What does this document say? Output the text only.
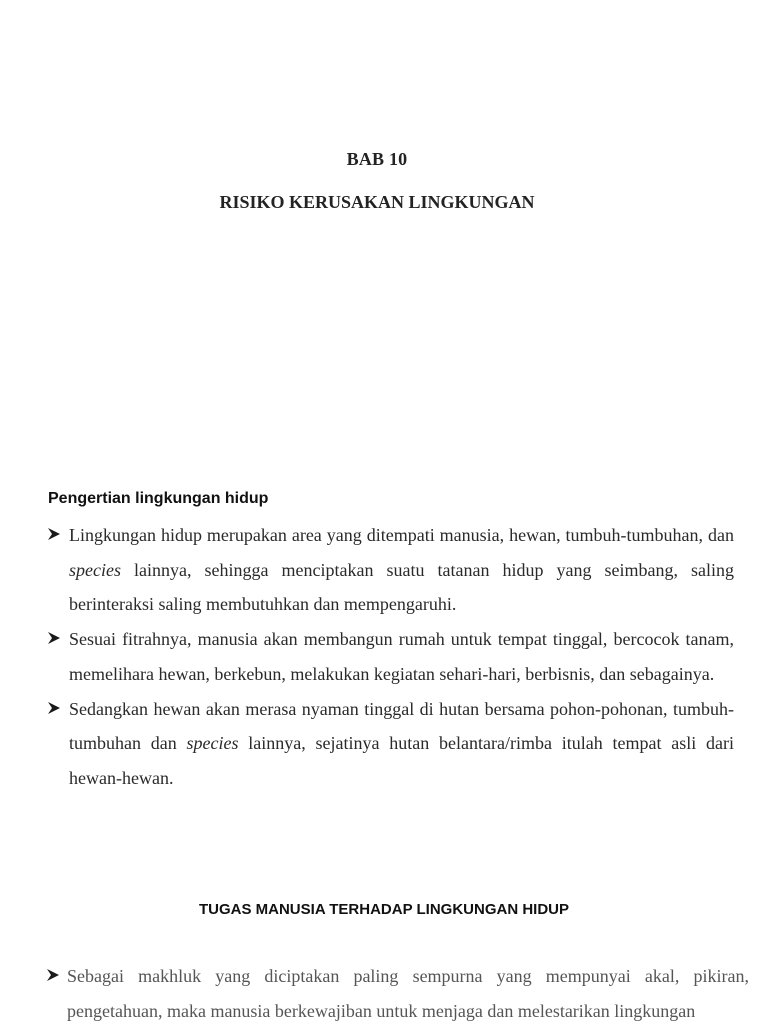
BAB 10
RISIKO KERUSAKAN LINGKUNGAN
Pengertian lingkungan hidup
Lingkungan hidup merupakan area yang ditempati manusia, hewan, tumbuh-tumbuhan, dan species lainnya, sehingga menciptakan suatu tatanan hidup yang seimbang, saling berinteraksi saling membutuhkan dan mempengaruhi.
Sesuai fitrahnya, manusia akan membangun rumah untuk tempat tinggal, bercocok tanam, memelihara hewan, berkebun, melakukan kegiatan sehari-hari, berbisnis, dan sebagainya.
Sedangkan hewan akan merasa nyaman tinggal di hutan bersama pohon-pohonan, tumbuh-tumbuhan dan species lainnya, sejatinya hutan belantara/rimba itulah tempat asli dari hewan-hewan.
TUGAS MANUSIA TERHADAP LINGKUNGAN HIDUP
Sebagai makhluk yang diciptakan paling sempurna yang mempunyai akal, pikiran, pengetahuan, maka manusia berkewajiban untuk menjaga dan melestarikan lingkungan
